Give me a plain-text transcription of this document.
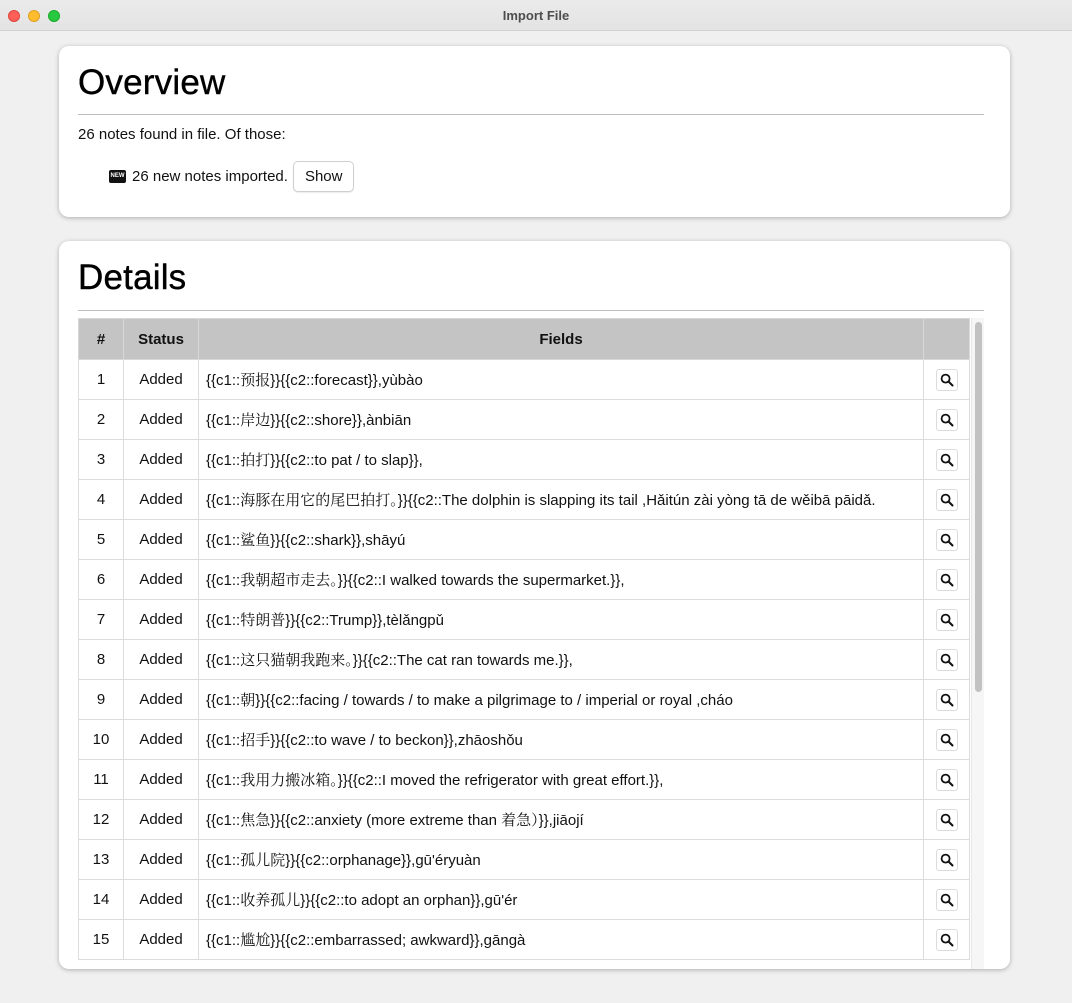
Import File
Overview
26 notes found in file. Of those:
NEW 26 new notes imported.	Show
Details
#	Status	Fields	
1	Added	{{c1::预报}}{{c2::forecast}},yùbào	

2	Added	{{c1::岸边}}{{c2::shore}},ànbiān	

3	Added	{{c1::拍打}}{{c2::to pat / to slap}},	

4	Added	{{c1::海豚在用它的尾巴拍打。}}{{c2::The dolphin is slapping its tail ,Hǎitún zài yòng tā de wěibā pāidǎ.	

5	Added	{{c1::鲨鱼}}{{c2::shark}},shāyú	

6	Added	{{c1::我朝超市走去。}}{{c2::I walked towards the supermarket.}},	

7	Added	{{c1::特朗普}}{{c2::Trump}},tèlǎngpǔ	

8	Added	{{c1::这只猫朝我跑来。}}{{c2::The cat ran towards me.}},	

9	Added	{{c1::朝}}{{c2::facing / towards / to make a pilgrimage to / imperial or royal ,cháo	

10	Added	{{c1::招手}}{{c2::to wave / to beckon}},zhāoshǒu	

11	Added	{{c1::我用力搬冰箱。}}{{c2::I moved the refrigerator with great effort.}},	

12	Added	{{c1::焦急}}{{c2::anxiety (more extreme than 着急）}},jiāojí	

13	Added	{{c1::孤儿院}}{{c2::orphanage}},gū'éryuàn	

14	Added	{{c1::收养孤儿}}{{c2::to adopt an orphan}},gū'ér	

15	Added	{{c1::尴尬}}{{c2::embarrassed; awkward}},gāngà	
